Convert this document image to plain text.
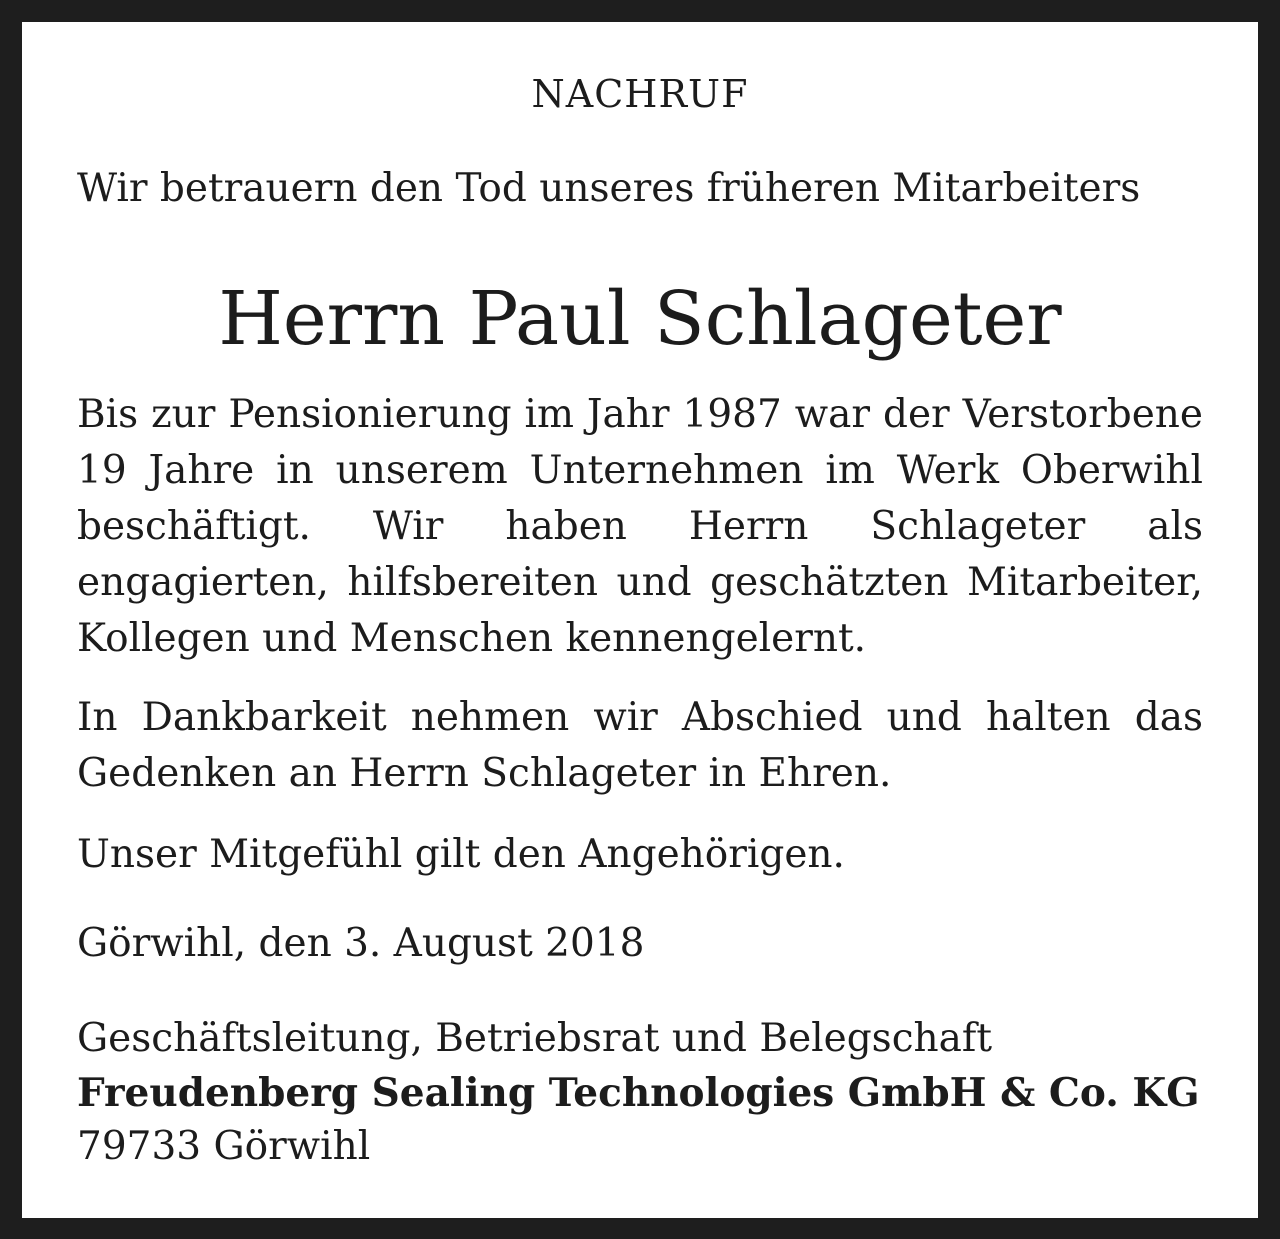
NACHRUF
Wir betrauern den Tod unseres früheren Mitarbeiters
Herrn Paul Schlageter

Bis zur Pensionierung im Jahr 1987 war der Verstorbene 19 Jahre in unserem Unternehmen im Werk Oberwihl beschäftigt. Wir haben Herrn Schlageter als engagierten, hilfsbereiten und geschätzten Mitarbeiter, Kollegen und Menschen kennengelernt.

In Dankbarkeit nehmen wir Abschied und halten das Gedenken an Herrn Schlageter in Ehren.

Unser Mitgefühl gilt den Angehörigen.

Görwihl, den 3. August 2018

Geschäftsleitung, Betriebsrat und Belegschaft
Freudenberg Sealing Technologies GmbH & Co. KG
79733 Görwihl
